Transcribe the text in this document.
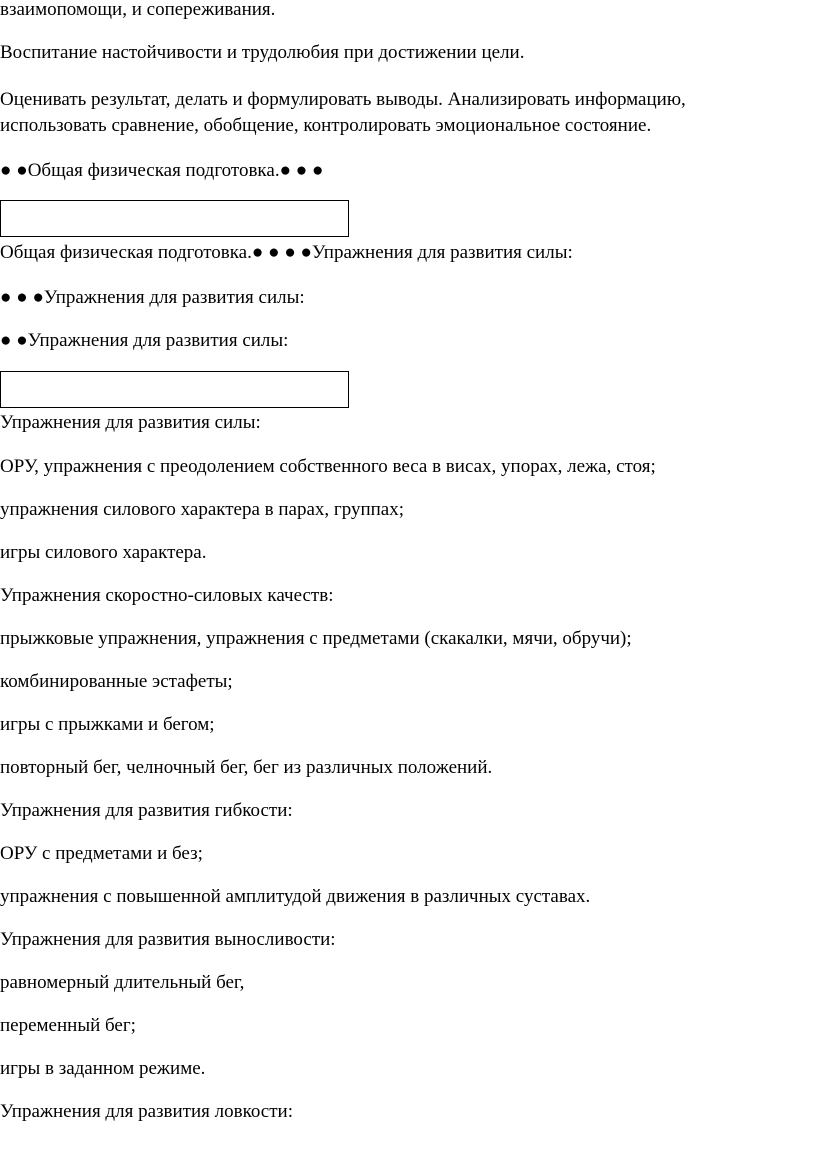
взаимопомощи, и сопереживания.

Воспитание настойчивости и трудолюбия при достижении цели.

Оценивать результат, делать и формулировать выводы. Анализировать информацию,

использовать сравнение, обобщение, контролировать эмоциональное состояние.

● ●Общая физическая подготовка.● ● ●

Общая физическая подготовка.● ● ● ●Упражнения для развития силы:

● ● ●Упражнения для развития силы:

● ●Упражнения для развития силы:

Упражнения для развития силы:

ОРУ, упражнения с преодолением собственного веса в висах, упорах, лежа, стоя;

упражнения силового характера в парах, группах;

игры силового характера.

Упражнения скоростно-силовых качеств:

прыжковые упражнения, упражнения с предметами (скакалки, мячи, обручи);

комбинированные эстафеты;

игры с прыжками и бегом;

повторный бег, челночный бег, бег из различных положений.

Упражнения для развития гибкости:

ОРУ с предметами и без;

упражнения с повышенной амплитудой движения в различных суставах.

Упражнения для развития выносливости:

равномерный длительный бег,

переменный бег;

игры в заданном режиме.

Упражнения для развития ловкости:
